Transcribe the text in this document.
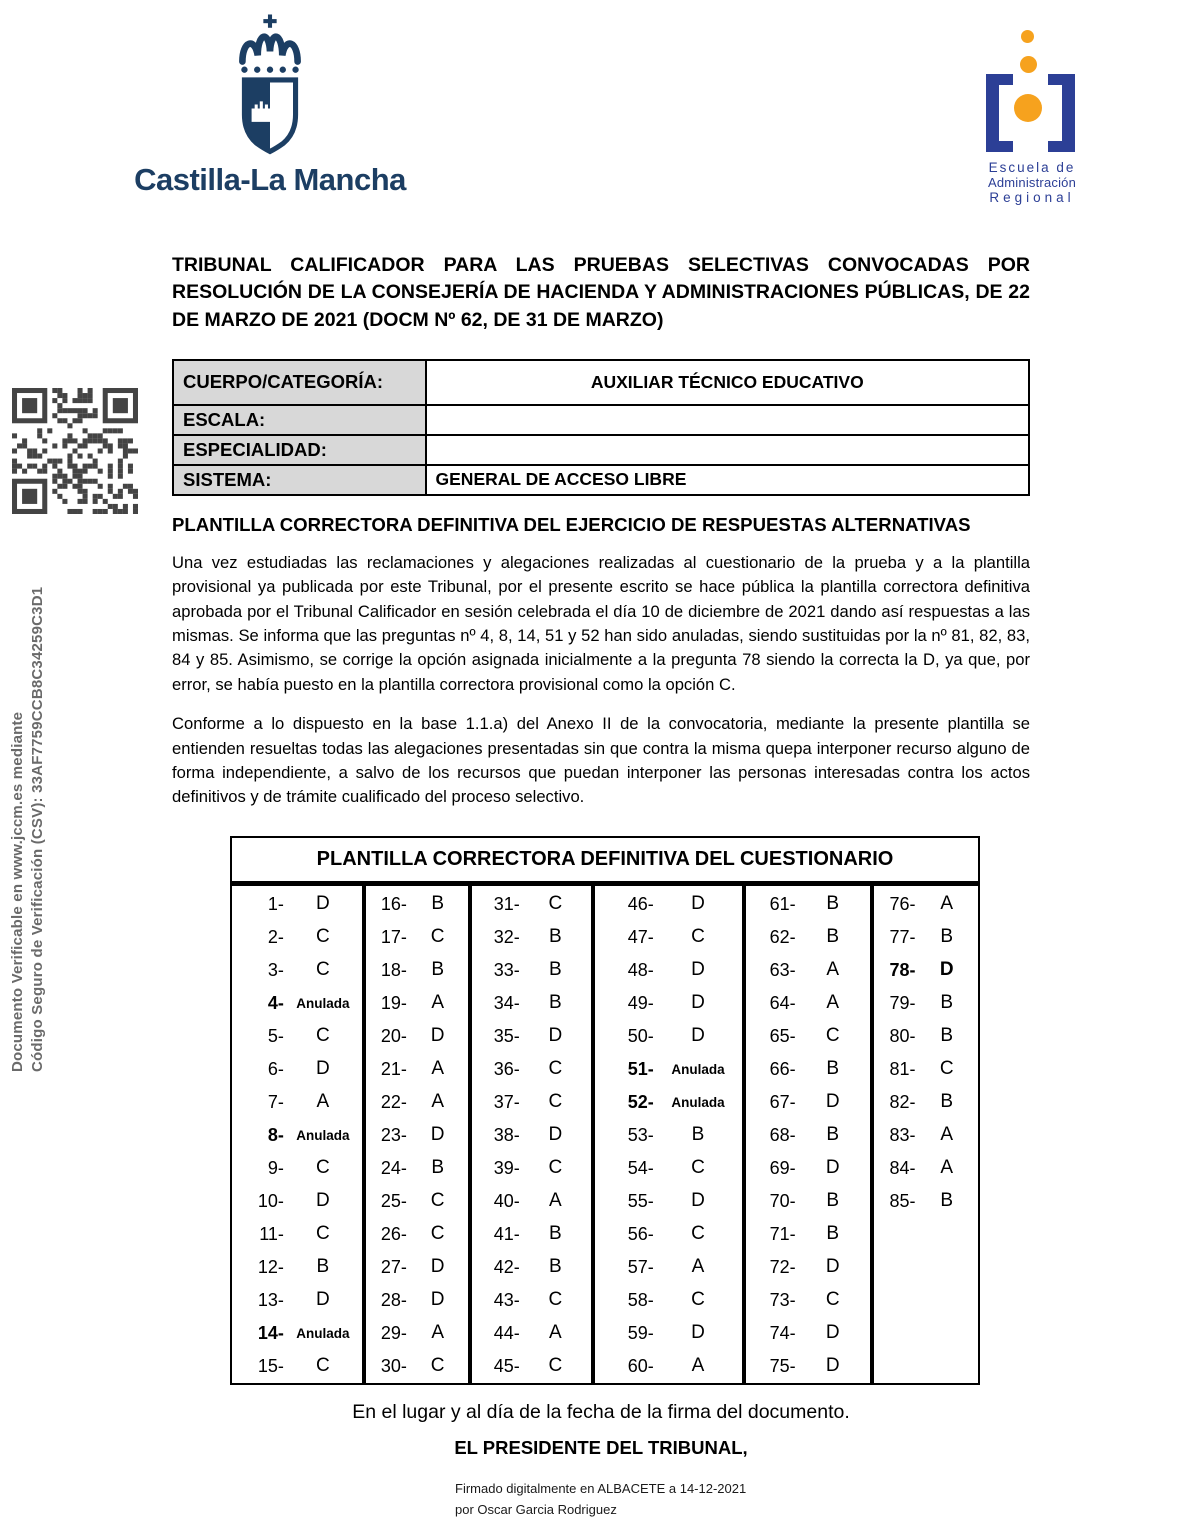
Documento Verificable en www.jccm.es mediante Código Seguro de Verificación (CSV): 33AF7759CCB8C34259C3D1
Castilla-La Mancha	Escuela de
Administración
Regional
TRIBUNAL CALIFICADOR PARA LAS PRUEBAS SELECTIVAS CONVOCADAS POR RESOLUCIÓN DE LA CONSEJERÍA DE HACIENDA Y ADMINISTRACIONES PÚBLICAS, DE 22 DE MARZO DE 2021 (DOCM Nº 62, DE 31 DE MARZO)
CUERPO/CATEGORÍA:	AUXILIAR TÉCNICO EDUCATIVO
ESCALA:	
ESPECIALIDAD:	
SISTEMA:	GENERAL DE ACCESO LIBRE
PLANTILLA CORRECTORA DEFINITIVA DEL EJERCICIO DE RESPUESTAS ALTERNATIVAS

Una vez estudiadas las reclamaciones y alegaciones realizadas al cuestionario de la prueba y a la plantilla provisional ya publicada por este Tribunal, por el presente escrito se hace pública la plantilla correctora definitiva aprobada por el Tribunal Calificador en sesión celebrada el día 10 de diciembre de 2021 dando así respuestas a las mismas. Se informa que las preguntas nº 4, 8, 14, 51 y 52 han sido anuladas, siendo sustituidas por la nº 81, 82, 83, 84 y 85. Asimismo, se corrige la opción asignada inicialmente a la pregunta 78 siendo la correcta la D, ya que, por error, se había puesto en la plantilla correctora provisional como la opción C.

Conforme a lo dispuesto en la base 1.1.a) del Anexo II de la convocatoria, mediante la presente plantilla se entienden resueltas todas las alegaciones presentadas sin que contra la misma quepa interponer recurso alguno de forma independiente, a salvo de los recursos que puedan interponer las personas interesadas contra los actos definitivos y de trámite cualificado del proceso selectivo.

PLANTILLA CORRECTORA DEFINITIVA DEL CUESTIONARIO
1-	D
2-	C
3-	C
4- Anulada
5-	C
6-	D
7-	A
8- Anulada
9-	C
10-	D
11-	C
12-	B
13-	D
14- Anulada
15-	C
16-	B
17-	C
18-	B
19-	A
20-	D
21-	A
22-	A
23-	D
24-	B
25-	C
26-	C
27-	D
28-	D
29-	A
30-	C
31-	C
32-	B
33-	B
34-	B
35-	D
36-	C
37-	C
38-	D
39-	C
40-	A
41-	B
42-	B
43-	C
44-	A
45-	C
46-	D
47-	C
48-	D
49-	D
50-	D
51-	Anulada
52-	Anulada
53-	B
54-	C
55-	D
56-	C
57-	A
58-	C
59-	D
60-	A
61-	B
62-	B
63-	A
64-	A
65-	C
66-	B
67-	D
68-	B
69-	D
70-	B
71-	B
72-	D
73-	C
74-	D
75-	D
76-	A
77-	B
78-	D
79-	B
80-	B
81-	C
82-	B
83-	A
84-	A
85-	B
En el lugar y al día de la fecha de la firma del documento.
EL PRESIDENTE DEL TRIBUNAL,
Firmado digitalmente en ALBACETE a 14-12-2021
por Oscar Garcia Rodriguez
